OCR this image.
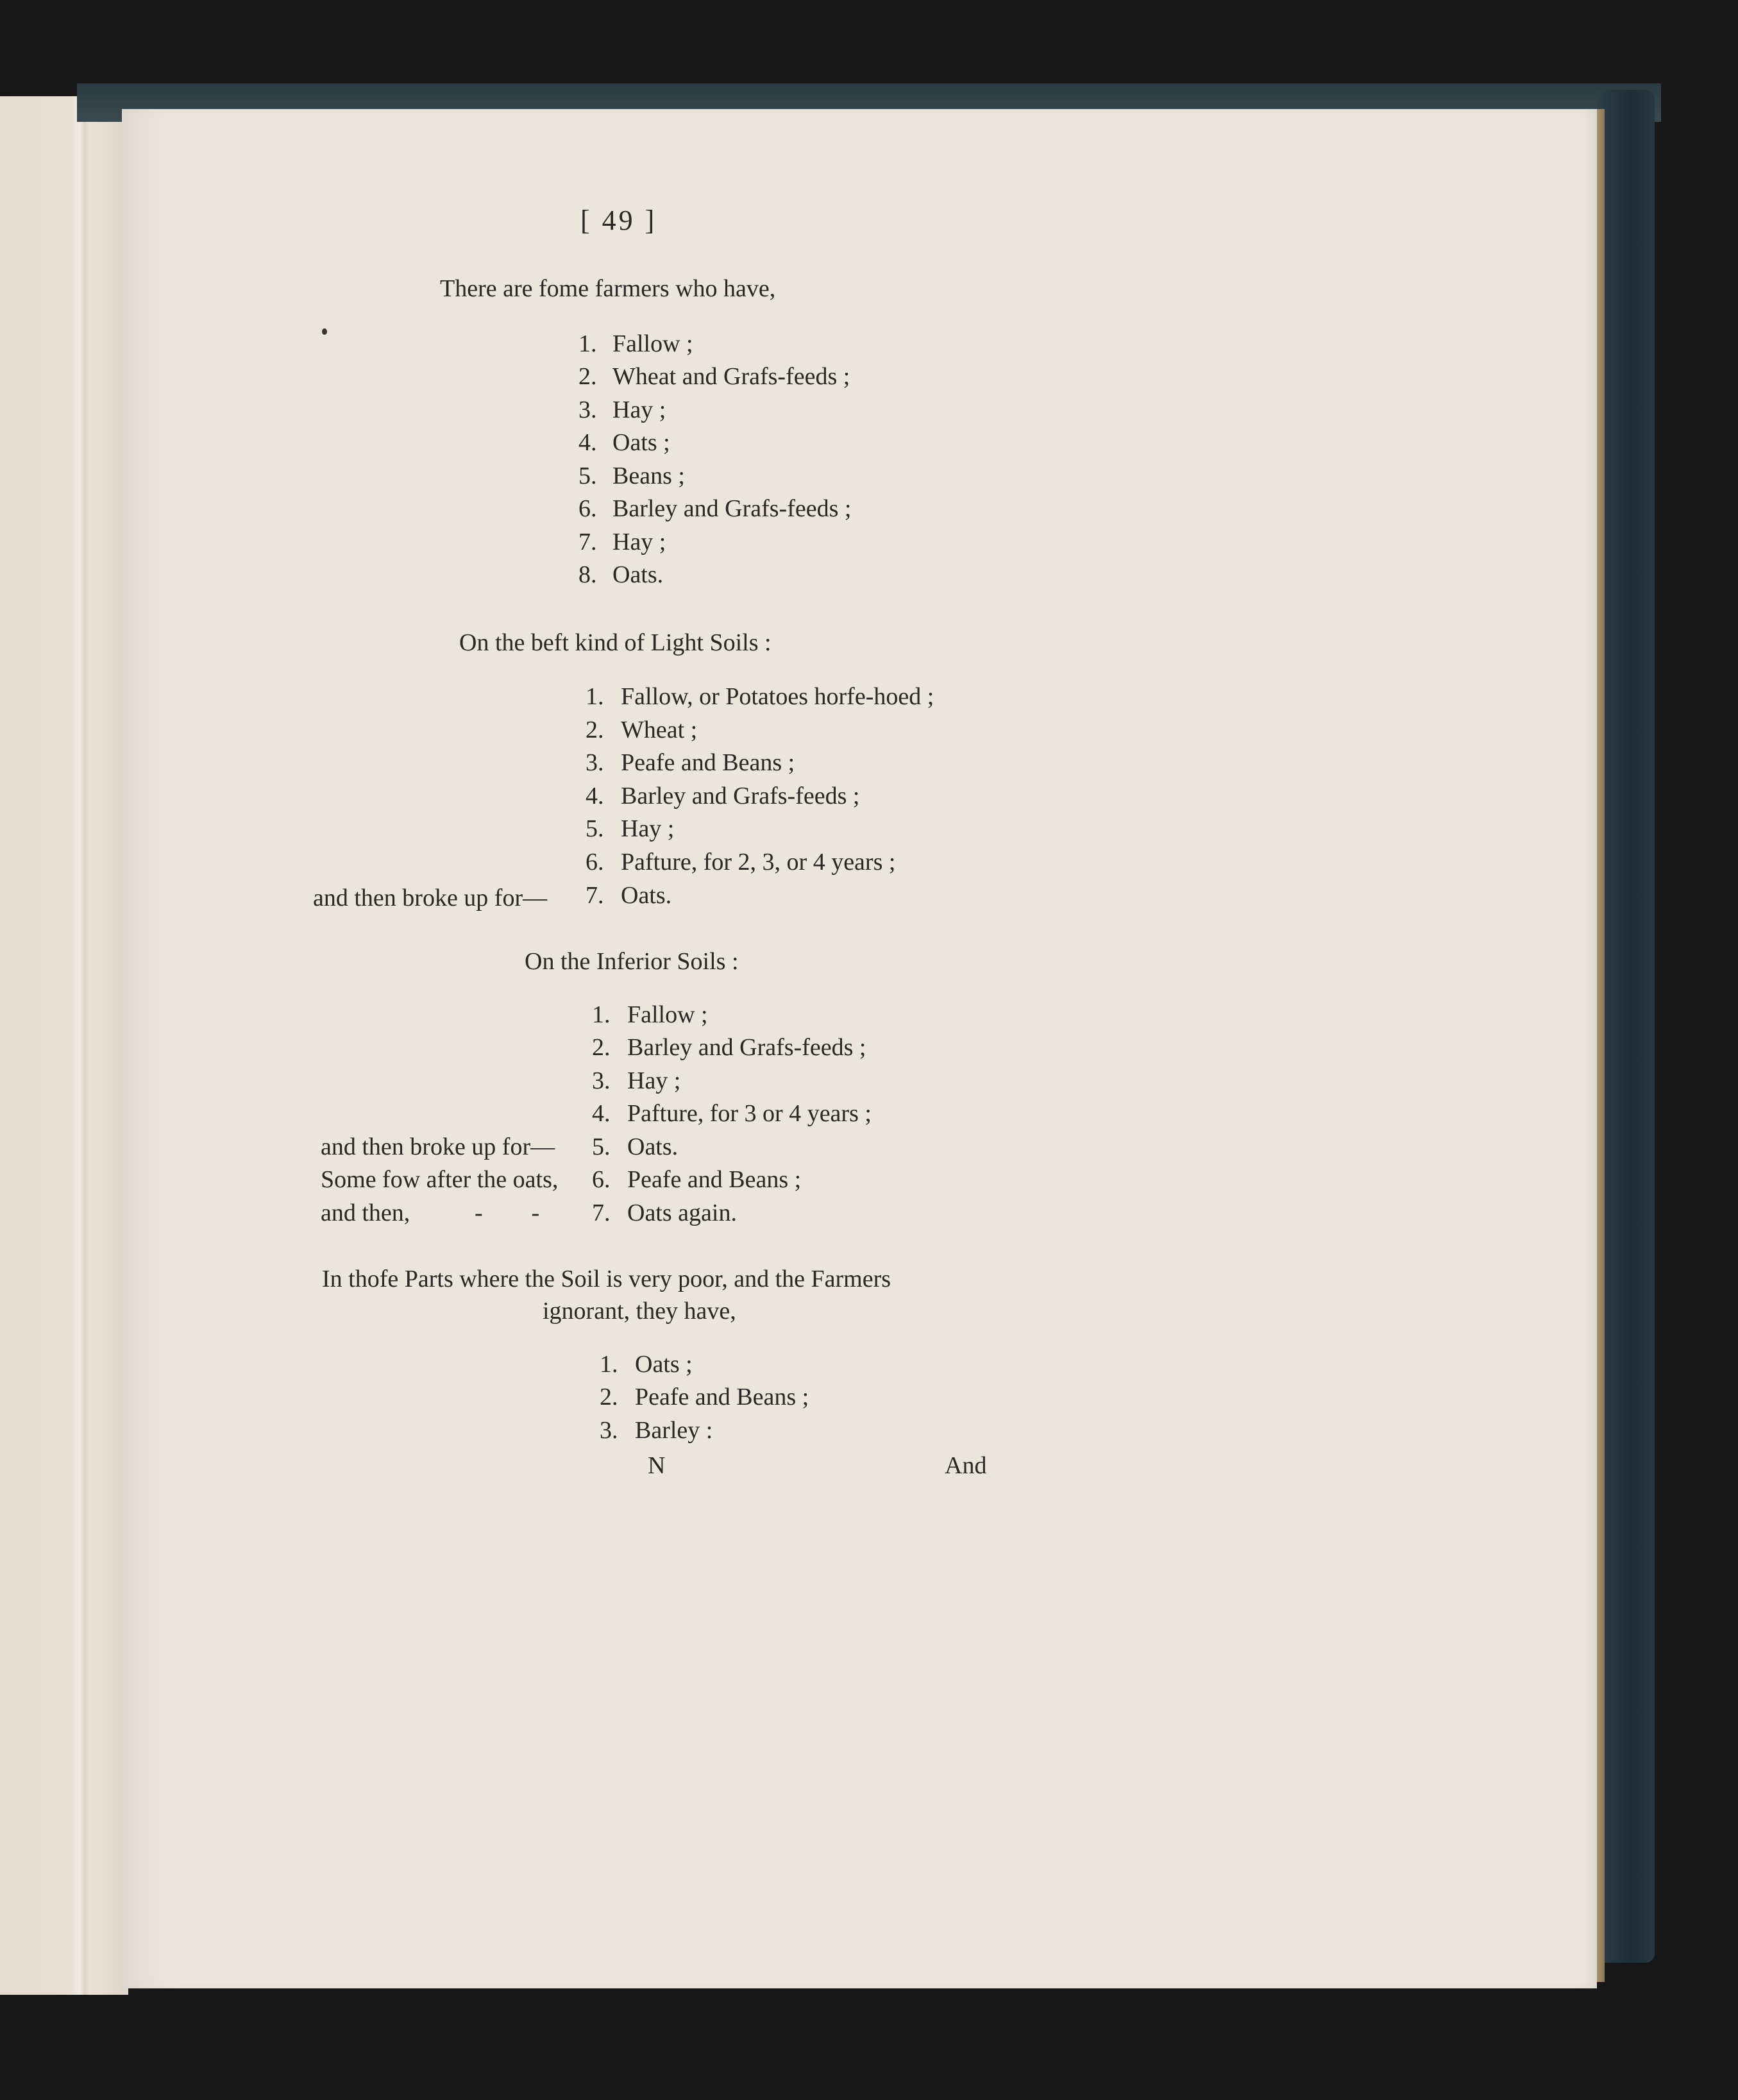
[ 49 ]
There are fome farmers who have,
1. Fallow ;
2. Wheat and Grafs-feeds ;
3. Hay ;
4. Oats ;
5. Beans ;
6. Barley and Grafs-feeds ;
7. Hay ;
8. Oats.
On the beft kind of Light Soils :
1. Fallow, or Potatoes horfe-hoed ;
2. Wheat ;
3. Peafe and Beans ;
4. Barley and Grafs-feeds ;
5. Hay ;
6. Pafture, for 2, 3, or 4 years ;
and then broke up for— 7. Oats.
On the Inferior Soils :
1. Fallow ;
2. Barley and Grafs-feeds ;
3. Hay ;
4. Pafture, for 3 or 4 years ;
and then broke up for— 5. Oats.
Some fow after the oats, 6. Peafe and Beans ;
and then,	-        - 7. Oats again.
In thofe Parts where the Soil is very poor, and the Farmers
ignorant, they have,
1. Oats ;
2. Peafe and Beans ;
3. Barley :
N	And
